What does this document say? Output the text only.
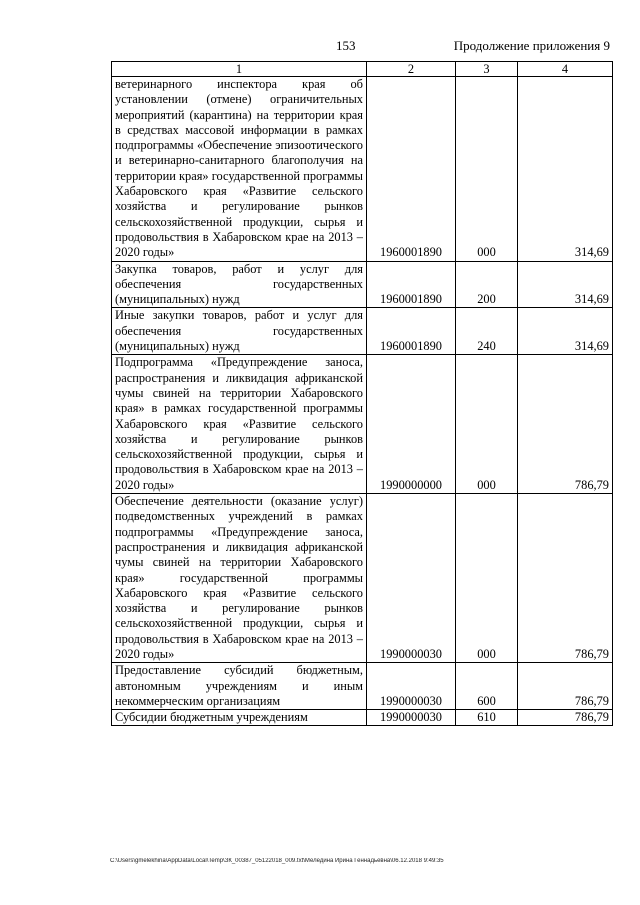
153	Продолжение приложения 9
1	2	3	4
ветеринарного инспектора края об установлении (отмене) ограничительных мероприятий (карантина) на территории края в средствах массовой информации в рамках подпрограммы «Обеспечение эпизоотического и ветеринарно-санитарного благополучия на территории края» государственной программы Хабаровского края «Развитие сельского хозяйства и регулирование рынков сельскохозяйственной продукции, сырья и продовольствия в Хабаровском крае на 2013 – 2020 годы»	1960001890	000	314,69
Закупка товаров, работ и услуг для обеспечения государственных (муниципальных) нужд	1960001890	200	314,69
Иные закупки товаров, работ и услуг для обеспечения государственных (муниципальных) нужд	1960001890	240	314,69
Подпрограмма «Предупреждение заноса, распространения и ликвидация африканской чумы свиней на территории Хабаровского края» в рамках государственной программы Хабаровского края «Развитие сельского хозяйства и регулирование рынков сельскохозяйственной продукции, сырья и продовольствия в Хабаровском крае на 2013 – 2020 годы»	1990000000	000	786,79
Обеспечение деятельности (оказание услуг) подведомственных учреждений в рамках подпрограммы «Предупреждение заноса, распространения и ликвидация африканской чумы свиней на территории Хабаровского края» государственной программы Хабаровского края «Развитие сельского хозяйства и регулирование рынков сельскохозяйственной продукции, сырья и продовольствия в Хабаровском крае на 2013 – 2020 годы»	1990000030	000	786,79
Предоставление субсидий бюджетным, автономным учреждениям и иным некоммерческим организациям	1990000030	600	786,79
Субсидии бюджетным учреждениям	1990000030	610	786,79
C:\Users\gmelekhina\AppData\Local\Temp\ЗК_00387_05122018_009.txt\Меледина Ирина Геннадьевна\06.12.2018 9:49:35
